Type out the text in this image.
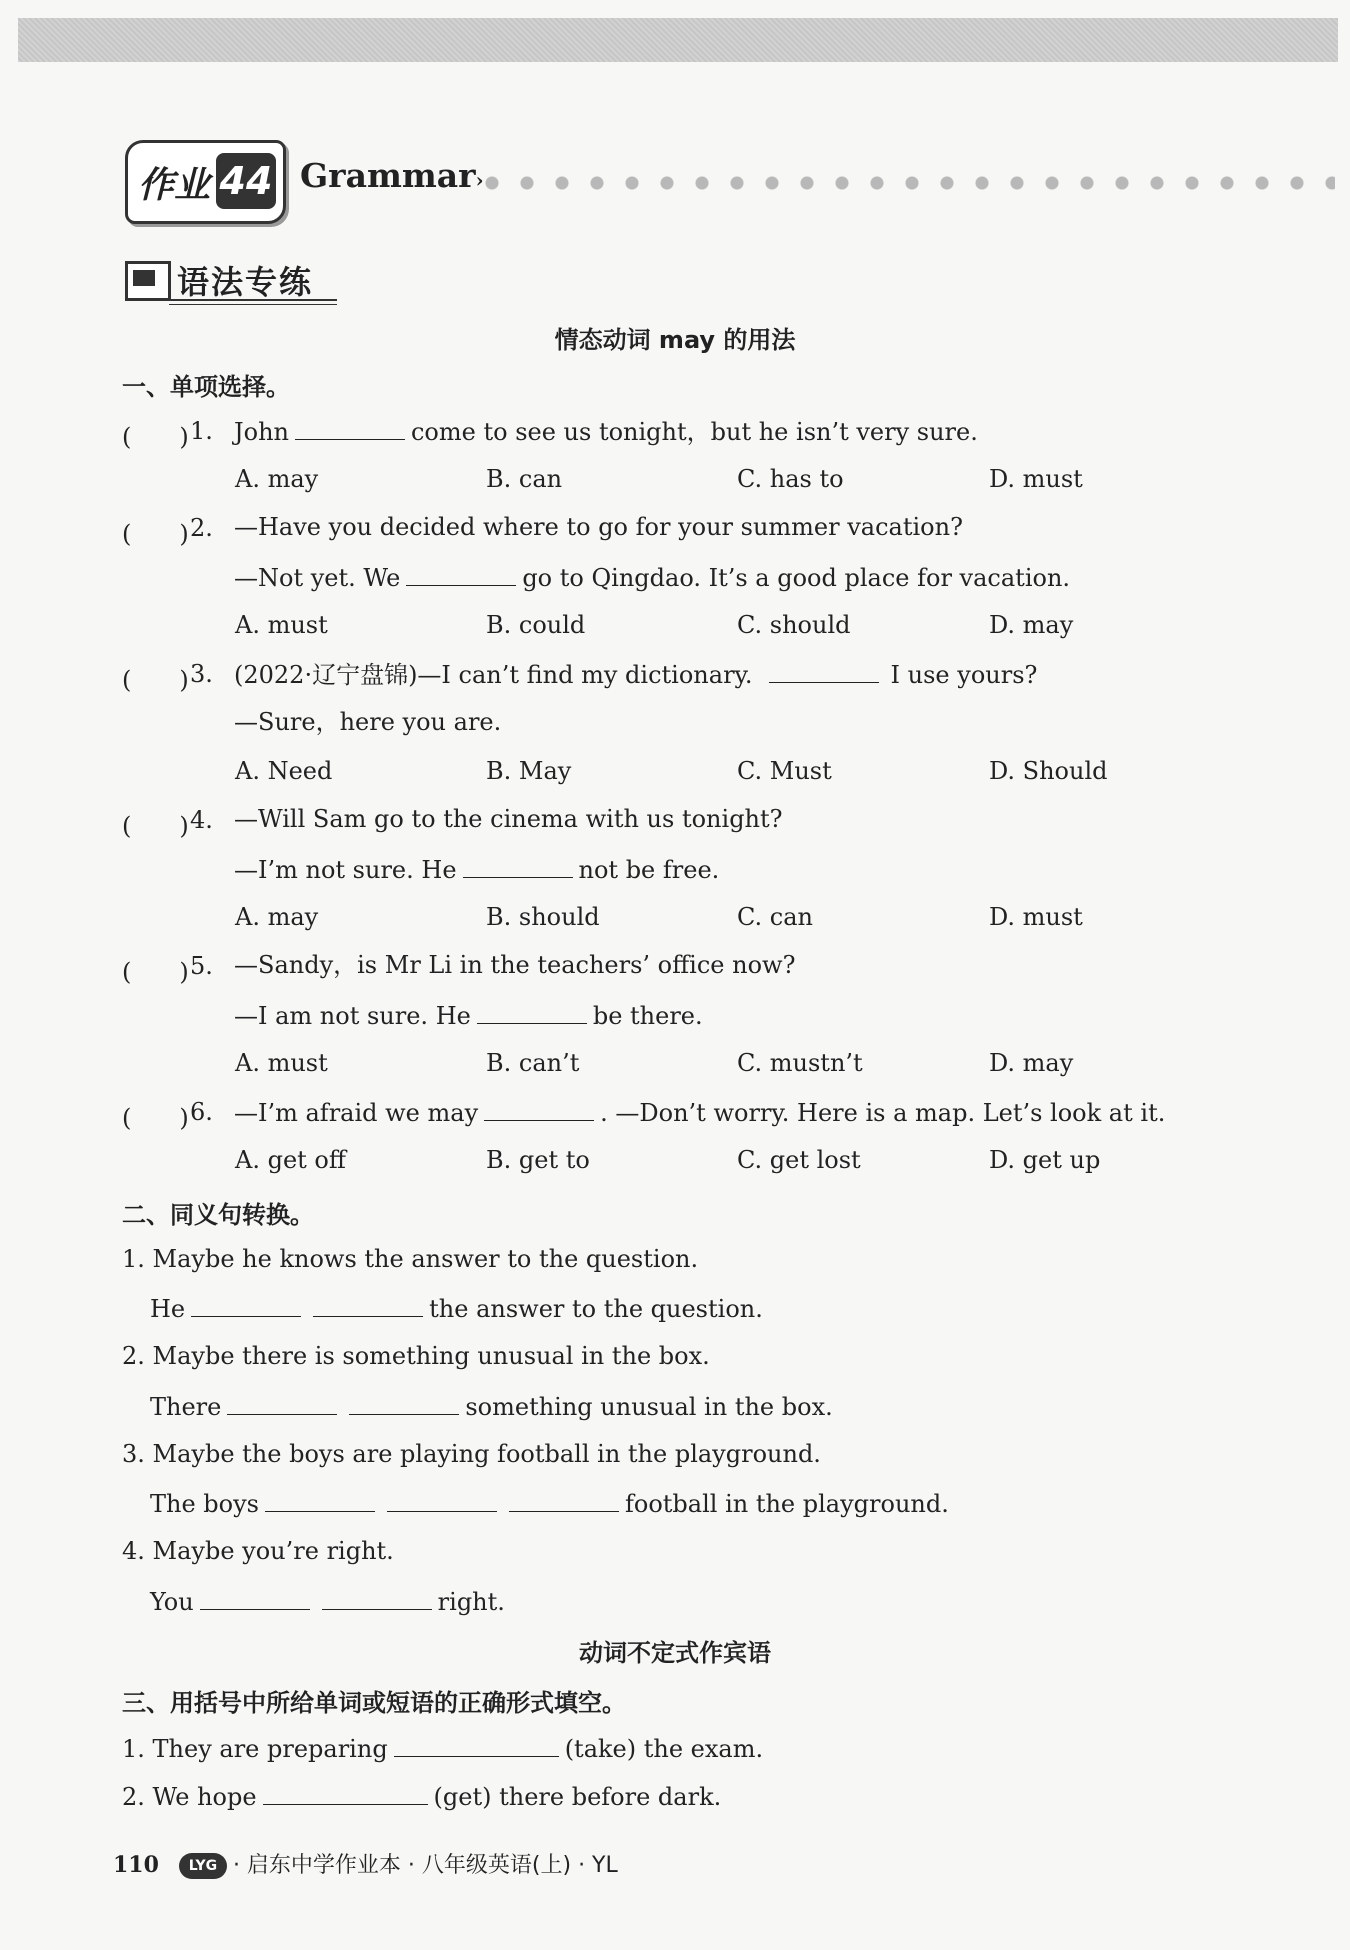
作业 44 Grammar›
语法专练
情态动词 may 的用法
一、单项选择。
(　　) 1. John	come to see us tonight，but he isn’t very sure.
A. may	B. can	C. has to	D. must
(　　) 2. —Have you decided where to go for your summer vacation?
—Not yet. We	go to Qingdao. It’s a good place for vacation.
A. must	B. could	C. should	D. may
(　　) 3. (2022·辽宁盘锦)—I can’t find my dictionary.	I use yours?
—Sure，here you are.
A. Need	B. May	C. Must	D. Should
(　　) 4. —Will Sam go to the cinema with us tonight?
—I’m not sure. He	not be free.
A. may	B. should	C. can	D. must
(　　) 5. —Sandy，is Mr Li in the teachers’ office now?
—I am not sure. He	be there.
A. must	B. can’t	C. mustn’t	D. may
(　　) 6. —I’m afraid we may	. —Don’t worry. Here is a map. Let’s look at it.
A. get off	B. get to	C. get lost	D. get up
二、同义句转换。
1. Maybe he knows the answer to the question.
He	the answer to the question.
2. Maybe there is something unusual in the box.
There	something unusual in the box.
3. Maybe the boys are playing football in the playground.
The boys	football in the playground.
4. Maybe you’re right.
You	right.
动词不定式作宾语
三、用括号中所给单词或短语的正确形式填空。
1. They are preparing	(take) the exam.
2. We hope	(get) there before dark.
110 LYG · 启东中学作业本 · 八年级英语(上) · YL
